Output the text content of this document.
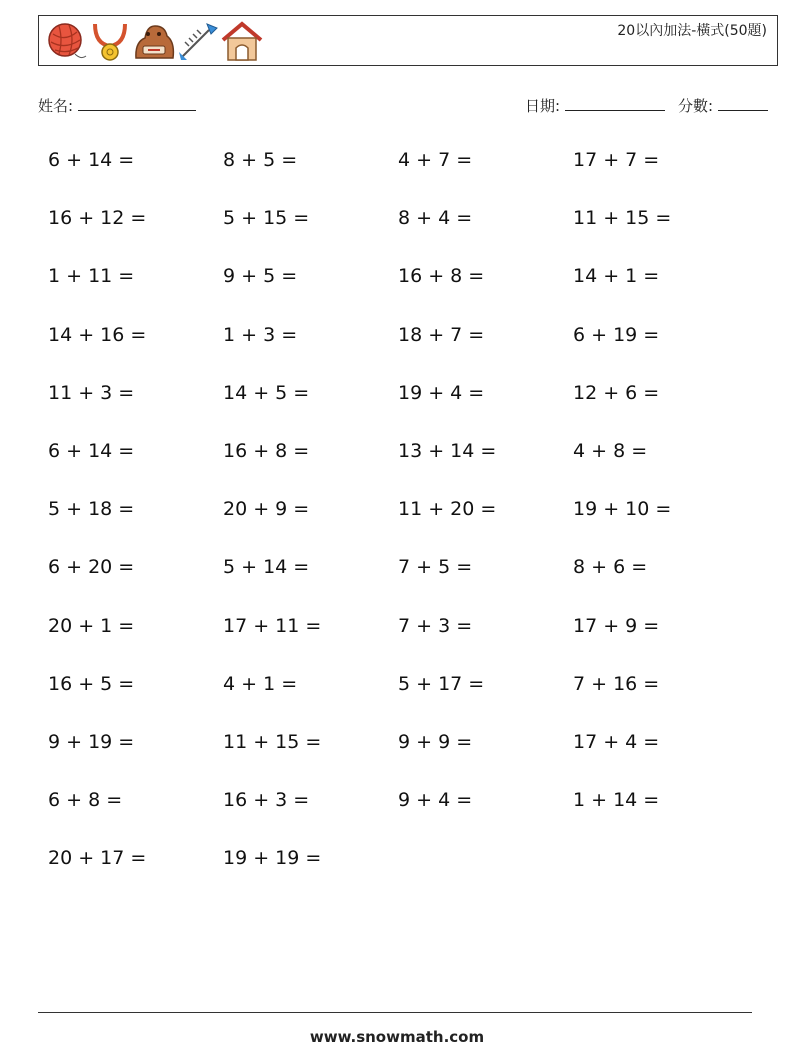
20以內加法-橫式(50題)
姓名:	日期:	分數:
6 + 14 =	8 + 5 =	4 + 7 =	17 + 7 =
16 + 12 =	5 + 15 =	8 + 4 =	11 + 15 =
1 + 11 =	9 + 5 =	16 + 8 =	14 + 1 =
14 + 16 =	1 + 3 =	18 + 7 =	6 + 19 =
11 + 3 =	14 + 5 =	19 + 4 =	12 + 6 =
6 + 14 =	16 + 8 =	13 + 14 =	4 + 8 =
5 + 18 =	20 + 9 =	11 + 20 =	19 + 10 =
6 + 20 =	5 + 14 =	7 + 5 =	8 + 6 =
20 + 1 =	17 + 11 =	7 + 3 =	17 + 9 =
16 + 5 =	4 + 1 =	5 + 17 =	7 + 16 =
9 + 19 =	11 + 15 =	9 + 9 =	17 + 4 =
6 + 8 =	16 + 3 =	9 + 4 =	1 + 14 =
20 + 17 =	19 + 19 =
www.snowmath.com
